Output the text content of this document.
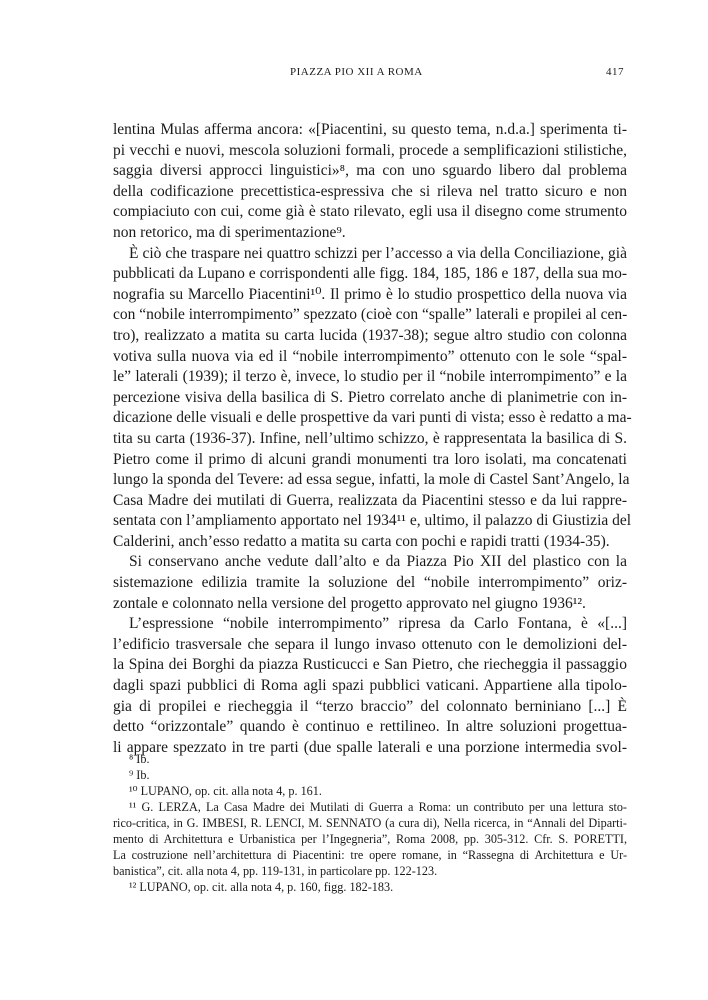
PIAZZA PIO XII A ROMA	417
lentina Mulas afferma ancora: «[Piacentini, su questo tema, n.d.a.] sperimenta ti-
pi vecchi e nuovi, mescola soluzioni formali, procede a semplificazioni stilistiche,
saggia diversi approcci linguistici»⁸, ma con uno sguardo libero dal problema
della codificazione precettistica-espressiva che si rileva nel tratto sicuro e non
compiaciuto con cui, come già è stato rilevato, egli usa il disegno come strumento
non retorico, ma di sperimentazione⁹.
È ciò che traspare nei quattro schizzi per l’accesso a via della Conciliazione, già
pubblicati da Lupano e corrispondenti alle figg. 184, 185, 186 e 187, della sua mo-
nografia su Marcello Piacentini¹⁰. Il primo è lo studio prospettico della nuova via
con “nobile interrompimento” spezzato (cioè con “spalle” laterali e propilei al cen-
tro), realizzato a matita su carta lucida (1937-38); segue altro studio con colonna
votiva sulla nuova via ed il “nobile interrompimento” ottenuto con le sole “spal-
le” laterali (1939); il terzo è, invece, lo studio per il “nobile interrompimento” e la
percezione visiva della basilica di S. Pietro correlato anche di planimetrie con in-
dicazione delle visuali e delle prospettive da vari punti di vista; esso è redatto a ma-
tita su carta (1936-37). Infine, nell’ultimo schizzo, è rappresentata la basilica di S.
Pietro come il primo di alcuni grandi monumenti tra loro isolati, ma concatenati
lungo la sponda del Tevere: ad essa segue, infatti, la mole di Castel Sant’Angelo, la
Casa Madre dei mutilati di Guerra, realizzata da Piacentini stesso e da lui rappre-
sentata con l’ampliamento apportato nel 1934¹¹ e, ultimo, il palazzo di Giustizia del
Calderini, anch’esso redatto a matita su carta con pochi e rapidi tratti (1934-35).
Si conservano anche vedute dall’alto e da Piazza Pio XII del plastico con la
sistemazione edilizia tramite la soluzione del “nobile interrompimento” oriz-
zontale e colonnato nella versione del progetto approvato nel giugno 1936¹².
L’espressione “nobile interrompimento” ripresa da Carlo Fontana, è «[...]
l’edificio trasversale che separa il lungo invaso ottenuto con le demolizioni del-
la Spina dei Borghi da piazza Rusticucci e San Pietro, che riecheggia il passaggio
dagli spazi pubblici di Roma agli spazi pubblici vaticani. Appartiene alla tipolo-
gia di propilei e riecheggia il “terzo braccio” del colonnato berniniano [...] È
detto “orizzontale” quando è continuo e rettilineo. In altre soluzioni progettua-
li appare spezzato in tre parti (due spalle laterali e una porzione intermedia svol-
⁸ Ib.
⁹ Ib.
¹⁰ LUPANO, op. cit. alla nota 4, p. 161.
¹¹ G. LERZA, La Casa Madre dei Mutilati di Guerra a Roma: un contributo per una lettura sto-
rico-critica, in G. IMBESI, R. LENCI, M. SENNATO (a cura di), Nella ricerca, in “Annali del Diparti-
mento di Architettura e Urbanistica per l’Ingegneria”, Roma 2008, pp. 305-312. Cfr. S. PORETTI,
La costruzione nell’architettura di Piacentini: tre opere romane, in “Rassegna di Architettura e Ur-
banistica”, cit. alla nota 4, pp. 119-131, in particolare pp. 122-123.
¹² LUPANO, op. cit. alla nota 4, p. 160, figg. 182-183.
